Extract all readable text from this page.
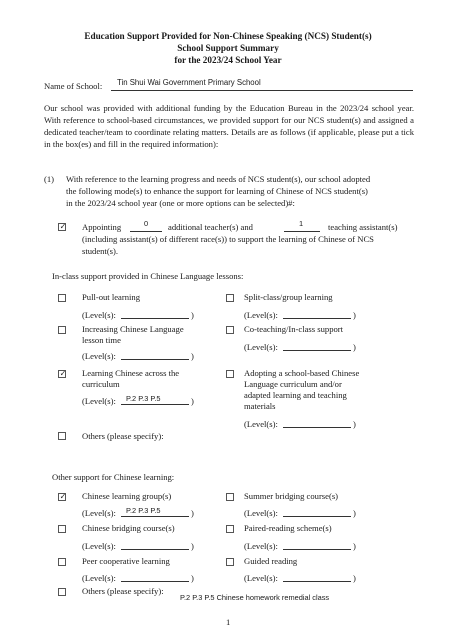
Education Support Provided for Non-Chinese Speaking (NCS) Student(s)
School Support Summary
for the 2023/24 School Year
Name of School: Tin Shui Wai Government Primary School
Our school was provided with additional funding by the Education Bureau in the 2023/24 school year. With reference to school-based circumstances, we provided support for our NCS student(s) and assigned a dedicated teacher/team to coordinate relating matters. Details are as follows (if applicable, please put a tick in the box(es) and fill in the required information):
(1) With reference to the learning progress and needs of NCS student(s), our school adopted
the following mode(s) to enhance the support for learning of Chinese of NCS student(s)
in the 2023/24 school year (one or more options can be selected)#:
✓ Appointing	0 additional teacher(s) and	1	teaching assistant(s)
(including assistant(s) of different race(s)) to support the learning of Chinese of NCS
student(s).
In-class support provided in Chinese Language lessons:
Pull-out learning
(Level(s):	)
Split-class/group learning
(Level(s):	)
Increasing Chinese Language
lesson time
(Level(s):	)
Co-teaching/In-class support
(Level(s):	)
✓ Learning Chinese across the
curriculum
(Level(s): P.2 P.3 P.5	)
Adopting a school-based Chinese
Language curriculum and/or
adapted learning and teaching
materials
(Level(s):	)
Others (please specify):
Other support for Chinese learning:
✓ Chinese learning group(s)
(Level(s): P.2 P.3 P.5	)
Summer bridging course(s)
(Level(s):	)
Chinese bridging course(s)
(Level(s):	)
Paired-reading scheme(s)
(Level(s):	)
Peer cooperative learning
(Level(s):	)
Guided reading
(Level(s):	)
Others (please specify):
P.2 P.3 P.5 Chinese homework remedial class
1
